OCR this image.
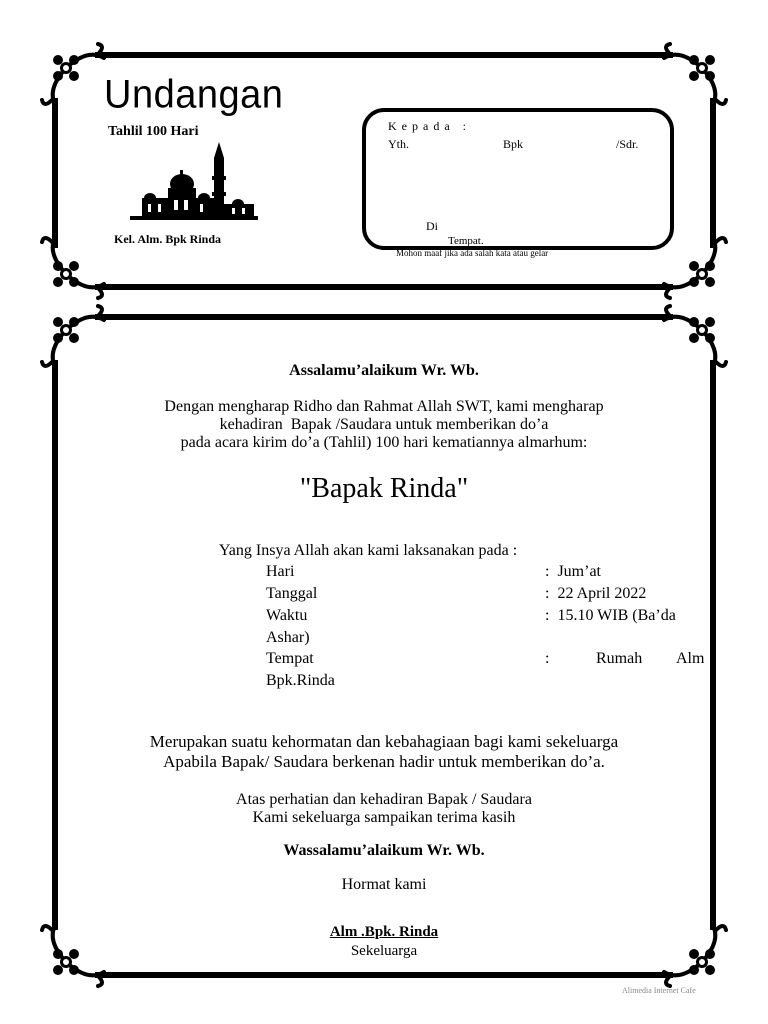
Undangan
Tahlil 100 Hari
Kel. Alm. Bpk Rinda
K e p a d a   :
Yth.	Bpk	/Sdr.
Di
Tempat.
Mohon maaf jika ada salah kata atau gelar
Assalamu’alaikum Wr. Wb.
Dengan mengharap Ridho dan Rahmat Allah SWT, kami mengharap
kehadiran  Bapak /Saudara untuk memberikan do’a
pada acara kirim do’a (Tahlil) 100 hari kematiannya almarhum:
"Bapak Rinda"
Yang Insya Allah akan kami laksanakan pada :
Hari	:  Jum’at
Tanggal	:  22 April 2022
Waktu	:  15.10 WIB (Ba’da
Ashar)
Tempat	:	Rumah Alm
Bpk.Rinda
Merupakan suatu kehormatan dan kebahagiaan bagi kami sekeluarga
Apabila Bapak/ Saudara berkenan hadir untuk memberikan do’a.
Atas perhatian dan kehadiran Bapak / Saudara
Kami sekeluarga sampaikan terima kasih
Wassalamu’alaikum Wr. Wb.
Hormat kami
Alm .Bpk. Rinda
Sekeluarga
Alimedia Internet Cafe
